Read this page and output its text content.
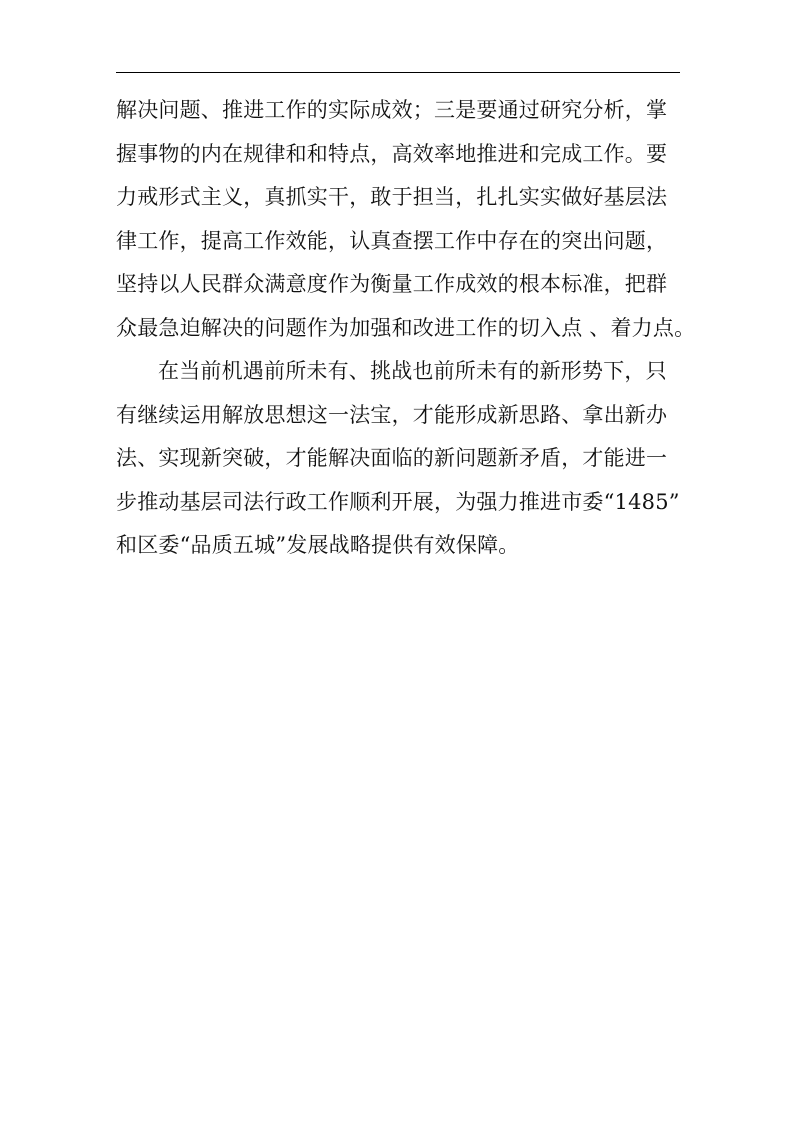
解决问题、推进工作的实际成效；三是要通过研究分析，掌
握事物的内在规律和和特点，高效率地推进和完成工作。要
力戒形式主义，真抓实干，敢于担当，扎扎实实做好基层法
律工作，提高工作效能，认真查摆工作中存在的突出问题，
坚持以人民群众满意度作为衡量工作成效的根本标准，把群
众最急迫解决的问题作为加强和改进工作的切入点 、着力点。
在当前机遇前所未有、挑战也前所未有的新形势下，只
有继续运用解放思想这一法宝，才能形成新思路、拿出新办
法、实现新突破，才能解决面临的新问题新矛盾，才能进一
步推动基层司法行政工作顺利开展，为强力推进市委“1485”
和区委“品质五城”发展战略提供有效保障。
